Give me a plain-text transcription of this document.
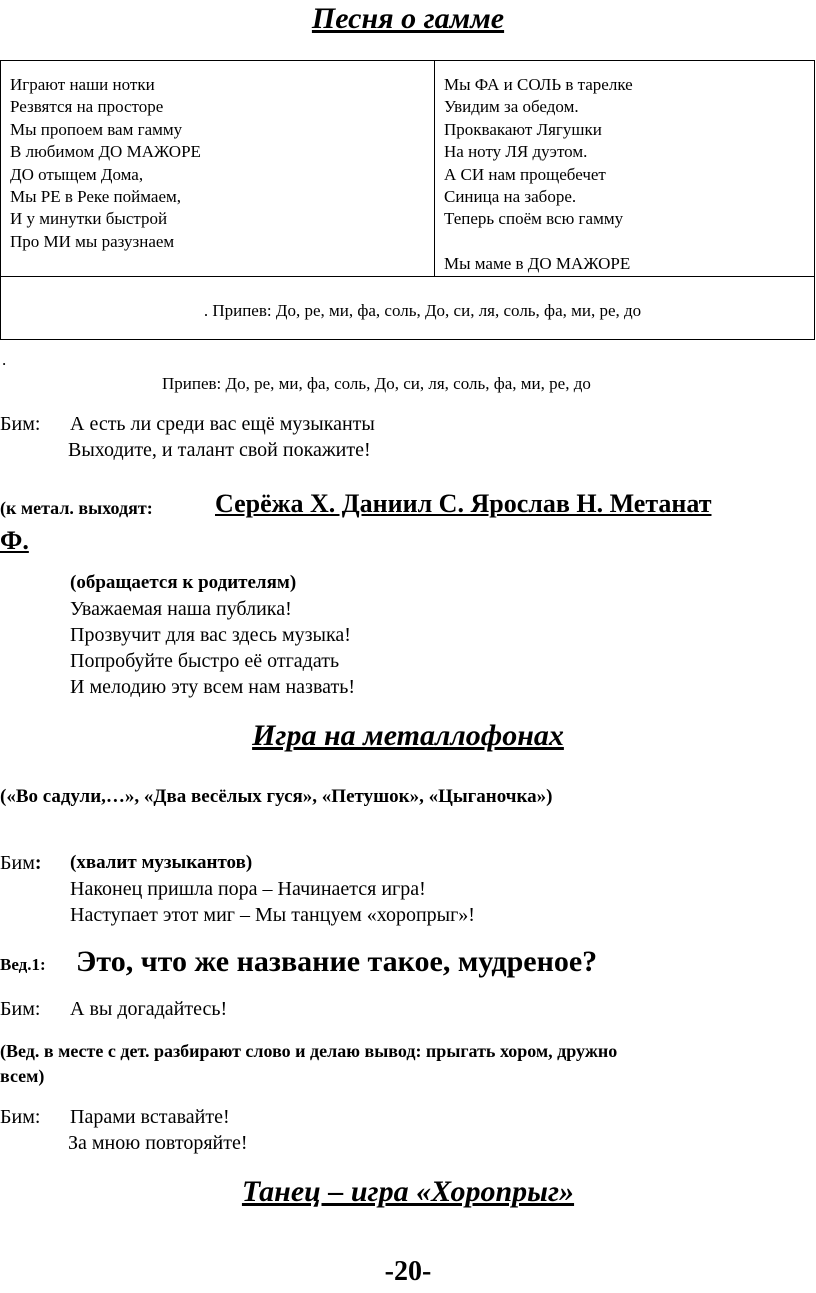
Песня о гамме
Играют наши нотки
Резвятся на просторе
Мы пропоем вам гамму
В любимом ДО МАЖОРЕ
ДО отыщем Дома,
Мы РЕ в Реке поймаем,
И у минутки быстрой
Про МИ мы разузнаем

Мы ФА и СОЛЬ в тарелке
Увидим за обедом.
Проквакают Лягушки
На ноту ЛЯ дуэтом.
А СИ нам прощебечет
Синица на заборе.
Теперь споём всю гамму
Мы маме в ДО МАЖОРЕ

. Припев: До, ре, ми, фа, соль, До, си, ля, соль, фа, ми, ре, до
.
Припев: До, ре, ми, фа, соль, До, си, ля, соль, фа, ми, ре, до
Бим: А есть ли среди вас ещё музыканты
Выходите, и талант свой покажите!
(к метал. выходят: Серёжа Х. Даниил С. Ярослав Н. Метанат
Ф.
(обращается к родителям)
Уважаемая наша публика!
Прозвучит для вас здесь музыка!
Попробуйте быстро её отгадать
И мелодию эту всем нам назвать!
Игра на металлофонах
(«Во садули,…», «Два весёлых гуся», «Петушок», «Цыганочка»)
Бим: (хвалит музыкантов)
Наконец пришла пора – Начинается игра!
Наступает этот миг – Мы танцуем «хоропрыг»!
Вед.1: Это, что же название такое, мудреное?
Бим: А вы догадайтесь!
(Вед. в месте с дет. разбирают слово и делаю вывод: прыгать хором, дружно
всем)
Бим: Парами вставайте!
За мною повторяйте!
Танец – игра «Хоропрыг»
-20-
